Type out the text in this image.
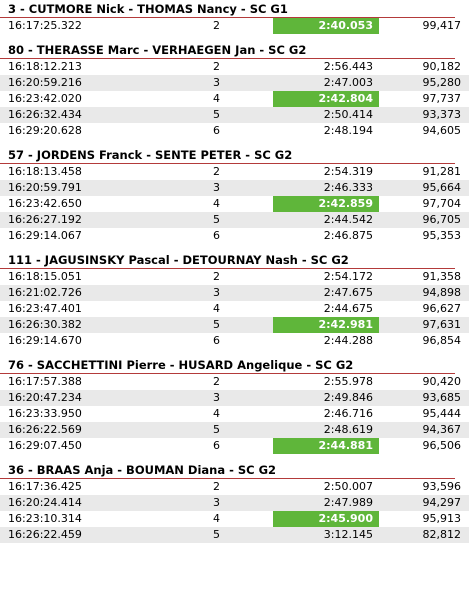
3 - CUTMORE Nick - THOMAS Nancy - SC G1
16:17:25.322	2	2:40.053	99,417
80 - THERASSE Marc - VERHAEGEN Jan - SC G2
16:18:12.213	2	2:56.443	90,182
16:20:59.216	3	2:47.003	95,280
16:23:42.020	4	2:42.804	97,737
16:26:32.434	5	2:50.414	93,373
16:29:20.628	6	2:48.194	94,605
57 - JORDENS Franck - SENTE PETER - SC G2
16:18:13.458	2	2:54.319	91,281
16:20:59.791	3	2:46.333	95,664
16:23:42.650	4	2:42.859	97,704
16:26:27.192	5	2:44.542	96,705
16:29:14.067	6	2:46.875	95,353
111 - JAGUSINSKY Pascal - DETOURNAY Nash - SC G2
16:18:15.051	2	2:54.172	91,358
16:21:02.726	3	2:47.675	94,898
16:23:47.401	4	2:44.675	96,627
16:26:30.382	5	2:42.981	97,631
16:29:14.670	6	2:44.288	96,854
76 - SACCHETTINI Pierre - HUSARD Angelique - SC G2
16:17:57.388	2	2:55.978	90,420
16:20:47.234	3	2:49.846	93,685
16:23:33.950	4	2:46.716	95,444
16:26:22.569	5	2:48.619	94,367
16:29:07.450	6	2:44.881	96,506
36 - BRAAS Anja - BOUMAN Diana - SC G2
16:17:36.425	2	2:50.007	93,596
16:20:24.414	3	2:47.989	94,297
16:23:10.314	4	2:45.900	95,913
16:26:22.459	5	3:12.145	82,812
